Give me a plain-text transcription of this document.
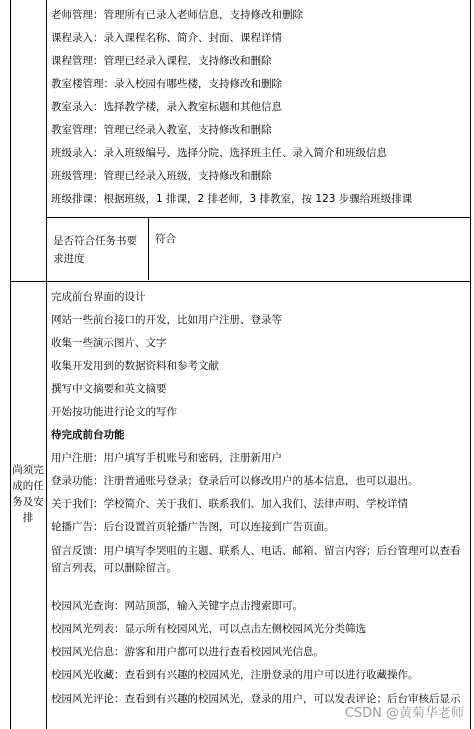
老师管理：管理所有已录入老师信息，支持修改和删除
课程录入：录入课程名称、简介、封面、课程详情
课程管理：管理已经录入课程，支持修改和删除
教室楼管理：录入校园有哪些楼，支持修改和删除
教室录入：选择教学楼，录入教室标题和其他信息
教室管理：管理已经录入教室，支持修改和删除
班级录入：录入班级编号、选择分院、选择班主任、录入简介和班级信息
班级管理：管理已经录入班级，支持修改和删除
班级排课：根据班级，1 排课，2 排老师，3 排教室，按 123 步骤给班级排课
是否符合任务书要求进度
符合
尚须完成的任务及安排
完成前台界面的设计
网站一些前台接口的开发，比如用户注册、登录等
收集一些演示图片、文字
收集开发用到的数据资料和参考文献
撰写中文摘要和英文摘要
开始按功能进行论文的写作
待完成前台功能
用户注册：用户填写手机账号和密码，注册新用户
登录功能：注册普通账号登录；登录后可以修改用户的基本信息，也可以退出。
关于我们：学校简介、关于我们、联系我们、加入我们、法律声明、学校详情
轮播广告：后台设置首页轮播广告图，可以连接到广告页面。
留言反馈：用户填写李哭咀的主题、联系人、电话、邮箱、留言内容；后台管理可以查看留言列表，可以删除留言。
校园风光查询：网站顶部，输入关键字点击搜索即可。
校园风光列表：显示所有校园风光，可以点击左侧校园风光分类筛选
校园风光信息：游客和用户都可以进行查看校园风光信息。
校园风光收藏：查看到有兴趣的校园风光，注册登录的用户可以进行收藏操作。
校园风光评论：查看到有兴趣的校园风光，登录的用户，可以发表评论；后台审核后显示
CSDN @黄菊华老师
